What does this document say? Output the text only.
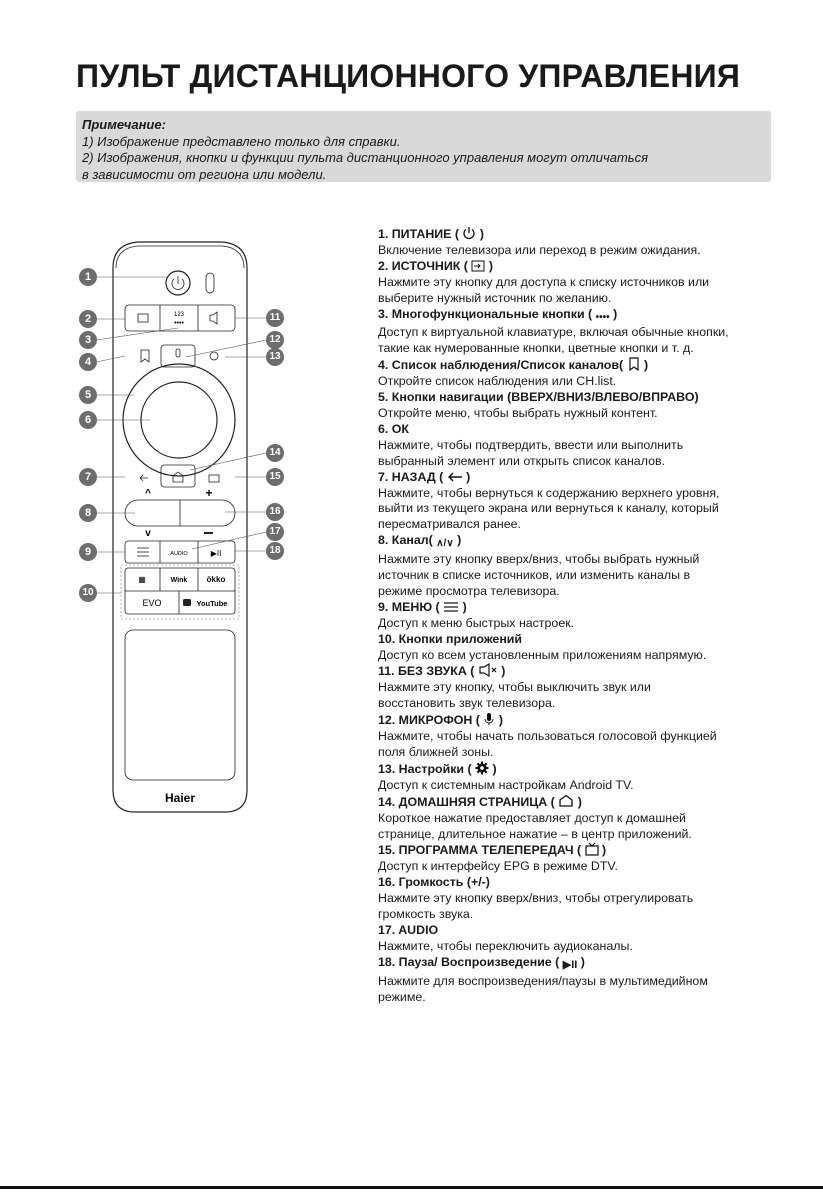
ПУЛЬТ ДИСТАНЦИОННОГО УПРАВЛЕНИЯ
Примечание:
1) Изображение представлено только для справки.
2) Изображения, кнопки и функции пульта дистанционного управления могут отличаться
в зависимости от региона или модели.
123
••••
^	+
v
AUDIO	▶II
▦	Wink ökko
EVO	YouTube
Haier
1
2
3
4
5
6
7
8
9
10
11
12
13
14
15
16
17
18
1. ПИТАНИЕ ( )
Включение телевизора или переход в режим ожидания.
2. ИСТОЧНИК ( )
Нажмите эту кнопку для доступа к списку источников или
выберите нужный источник по желанию.
3. Многофункциональные кнопки ( •••• )
Доступ к виртуальной клавиатуре, включая обычные кнопки,
такие как нумерованные кнопки, цветные кнопки и т. д.
4. Список наблюдения/Список каналов( )
Откройте список наблюдения или CH.list.
5. Кнопки навигации (ВВЕРХ/ВНИЗ/ВЛЕВО/ВПРАВО)
Откройте меню, чтобы выбрать нужный контент.
6. ОК
Нажмите, чтобы подтвердить, ввести или выполнить
выбранный элемент или открыть список каналов.
7. НАЗАД ( )
Нажмите, чтобы вернуться к содержанию верхнего уровня,
выйти из текущего экрана или вернуться к каналу, который
пересматривался ранее.
8. Канал( ∧/∨ )
Нажмите эту кнопку вверх/вниз, чтобы выбрать нужный
источник в списке источников, или изменить каналы в
режиме просмотра телевизора.
9. МЕНЮ ( )
Доступ к меню быстрых настроек.
10. Кнопки приложений
Доступ ко всем установленным приложениям напрямую.
11. БЕЗ ЗВУКА ( )
Нажмите эту кнопку, чтобы выключить звук или
восстановить звук телевизора.
12. МИКРОФОН ( )
Нажмите, чтобы начать пользоваться голосовой функцией
поля ближней зоны.
13. Настройки ( )
Доступ к системным настройкам Android TV.
14. ДОМАШНЯЯ СТРАНИЦА ( )
Короткое нажатие предоставляет доступ к домашней
странице, длительное нажатие – в центр приложений.
15. ПРОГРАММА ТЕЛЕПЕРЕДАЧ ( )
Доступ к интерфейсу EPG в режиме DTV.
16. Громкость (+/-)
Нажмите эту кнопку вверх/вниз, чтобы отрегулировать
громкость звука.
17. AUDIO
Нажмите, чтобы переключить аудиоканалы.
18. Пауза/ Воспроизведение ( ▶II )
Нажмите для воспроизведения/паузы в мультимедийном
режиме.
